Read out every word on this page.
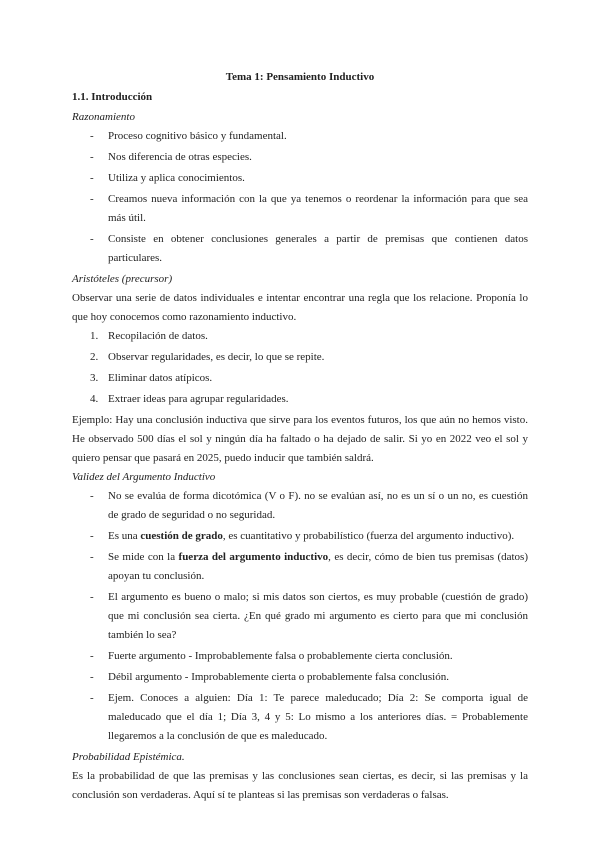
Tema 1: Pensamiento Inductivo

1.1. Introducción

Razonamiento

- Proceso cognitivo básico y fundamental.
- Nos diferencia de otras especies.
- Utiliza y aplica conocimientos.
- Creamos nueva información con la que ya tenemos o reordenar la información para que sea más útil.
- Consiste en obtener conclusiones generales a partir de premisas que contienen datos particulares.

Aristóteles (precursor)

Observar una serie de datos individuales e intentar encontrar una regla que los relacione. Proponía lo que hoy conocemos como razonamiento inductivo.

1. Recopilación de datos.
2. Observar regularidades, es decir, lo que se repite.
3. Eliminar datos atípicos.
4. Extraer ideas para agrupar regularidades.

Ejemplo: Hay una conclusión inductiva que sirve para los eventos futuros, los que aún no hemos visto. He observado 500 días el sol y ningún día ha faltado o ha dejado de salir. Si yo en 2022 veo el sol y quiero pensar que pasará en 2025, puedo inducir que también saldrá.

Validez del Argumento Inductivo

- No se evalúa de forma dicotómica (V o F). no se evalúan así, no es un sí o un no, es cuestión de grado de seguridad o no seguridad.
- Es una cuestión de grado, es cuantitativo y probabilístico (fuerza del argumento inductivo).
- Se mide con la fuerza del argumento inductivo, es decir, cómo de bien tus premisas (datos) apoyan tu conclusión.
- El argumento es bueno o malo; si mis datos son ciertos, es muy probable (cuestión de grado) que mi conclusión sea cierta. ¿En qué grado mi argumento es cierto para que mi conclusión también lo sea?
- Fuerte argumento - Improbablemente falsa o probablemente cierta conclusión.
- Débil argumento - Improbablemente cierta o probablemente falsa conclusión.
- Ejem. Conoces a alguien: Día 1: Te parece maleducado; Día 2: Se comporta igual de maleducado que el día 1; Día 3, 4 y 5: Lo mismo a los anteriores días. = Probablemente llegaremos a la conclusión de que es maleducado.

Probabilidad Epistémica.

Es la probabilidad de que las premisas y las conclusiones sean ciertas, es decir, si las premisas y la conclusión son verdaderas. Aquí sí te planteas si las premisas son verdaderas o falsas.
